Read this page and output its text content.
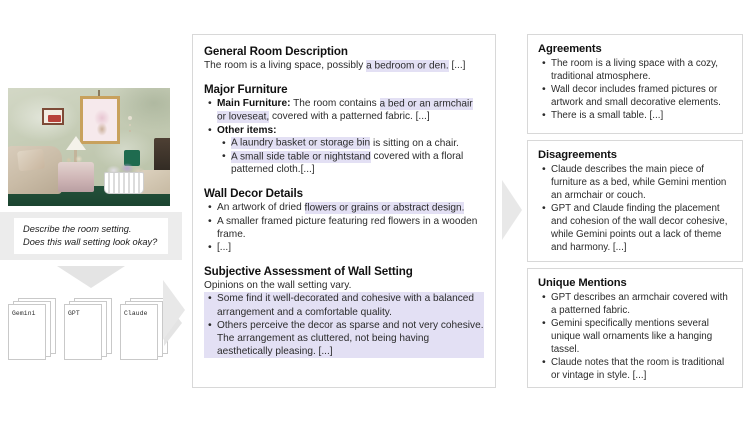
Describe the room setting.
Does this wall setting look okay?
Gemini	GPT	Claude
General Room Description

The room is a living space, possibly a bedroom or den. [...]

Major Furniture
• Main Furniture: The room contains a bed or an armchair or loveseat, covered with a patterned fabric. [...]
• Other items:
• A laundry basket or storage bin is sitting on a chair.
• A small side table or nightstand covered with a floral patterned cloth.[...]
Wall Decor Details
• An artwork of dried flowers or grains or abstract design.
• A smaller framed picture featuring red flowers in a wooden frame.
• [...]
Subjective Assessment of Wall Setting

Opinions on the wall setting vary.

• Some find it well-decorated and cohesive with a balanced arrangement and a comfortable quality.
• Others perceive the decor as sparse and not very cohesive. The arrangement as cluttered, not being having aesthetically pleasing. [...]
Agreements
• The room is a living space with a cozy, traditional atmosphere.
• Wall decor includes framed pictures or artwork and small decorative elements.
• There is a small table. [...]
Disagreements
• Claude describes the main piece of furniture as a bed, while Gemini mention an armchair or couch.
• GPT and Claude finding the placement and cohesion of the wall decor cohesive, while Gemini points out a lack of theme and harmony. [...]
Unique Mentions
• GPT describes an armchair covered with a patterned fabric.
• Gemini specifically mentions several unique wall ornaments like a hanging tassel.
• Claude notes that the room is traditional or vintage in style. [...]
